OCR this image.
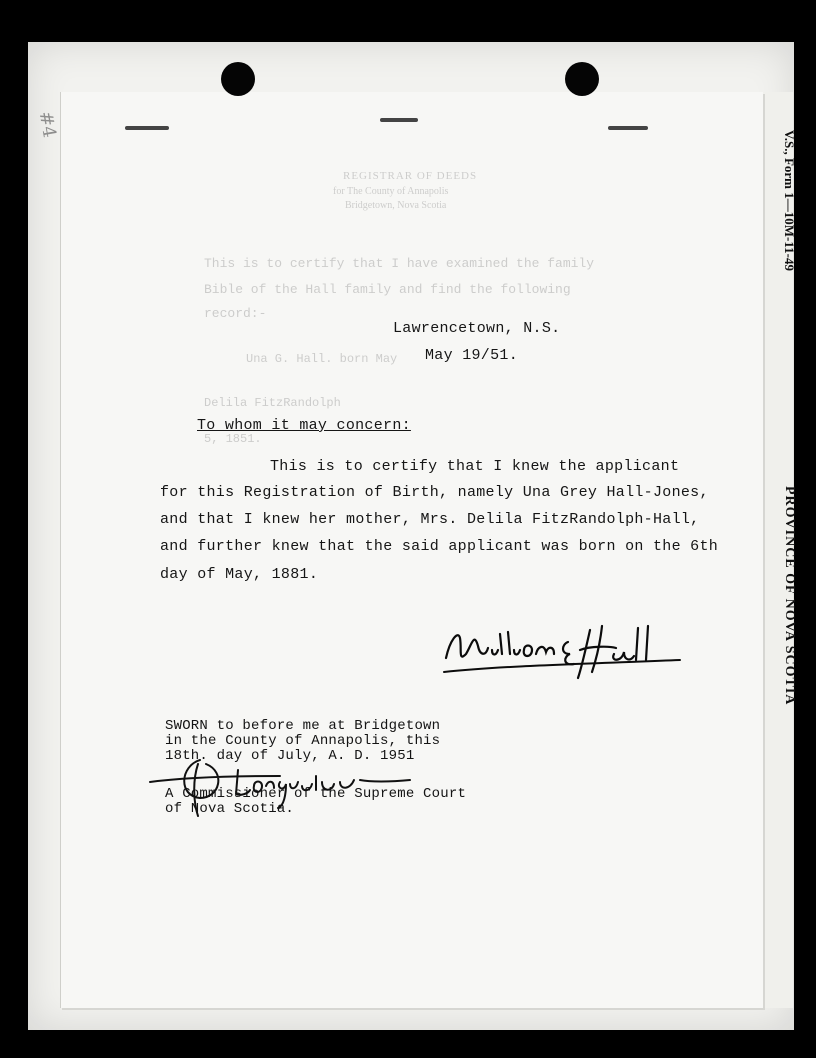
#4
V.S., Form 1—10M-11-49
PROVINCE OF NOVA SCOTIA
REGISTRAR OF DEEDS
for The County of Annapolis
Bridgetown, Nova Scotia
This is to certify that I have examined the family
Bible of the Hall family and find the following
record:-
Una G. Hall. born May
Delila FitzRandolph
5, 1851.
Lawrencetown, N.S.
May 19/51.
To whom it may concern:
This is to certify that I knew the applicant
for this Registration of Birth, namely Una Grey Hall-Jones,
and that I knew her mother, Mrs. Delila FitzRandolph-Hall,
and further knew that the said applicant was born on the 6th
day of May, 1881.
SWORN to before me at Bridgetown
in the County of Annapolis, this
18th. day of July, A. D. 1951
A Commissioner of the Supreme Court
of Nova Scotia.
